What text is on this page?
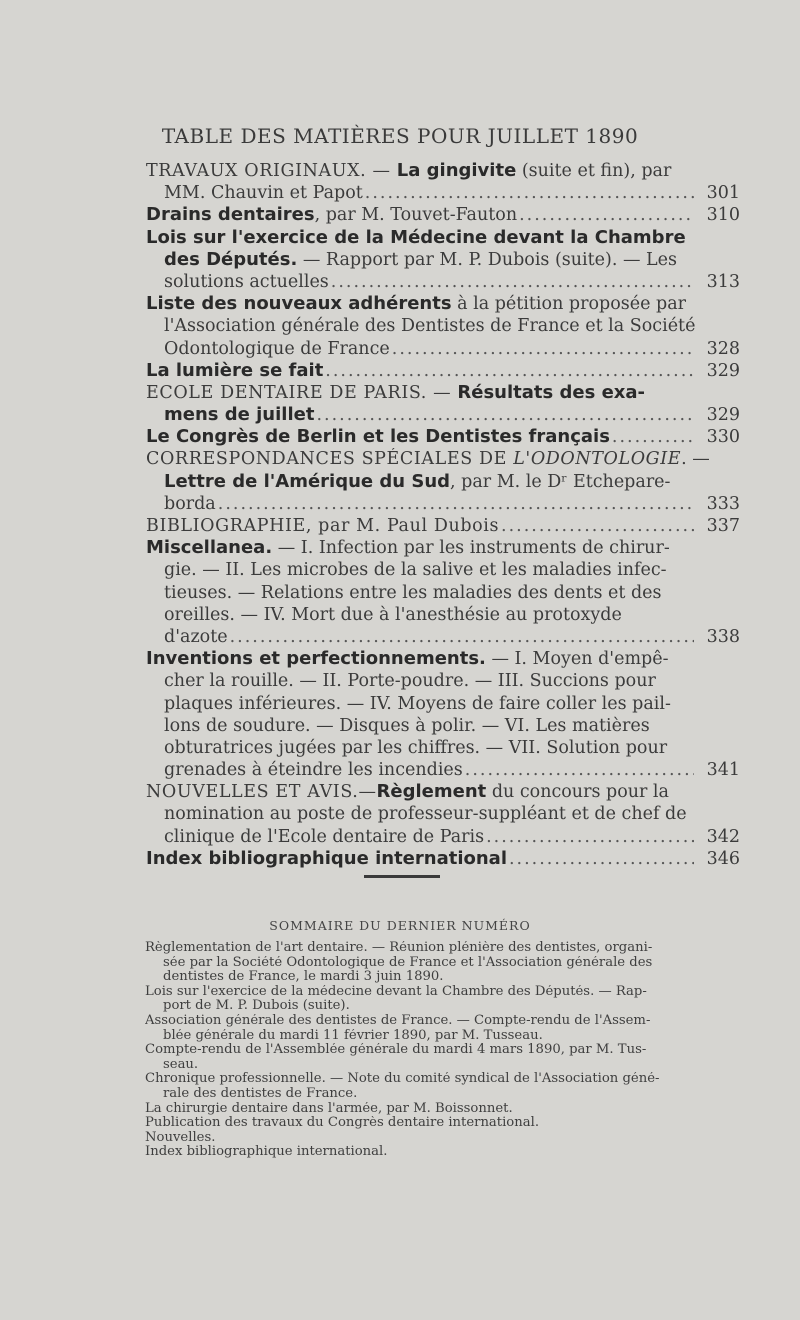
TABLE DES MATIÈRES POUR JUILLET 1890
TRAVAUX ORIGINAUX. — La gingivite (suite et fin), par
MM. Chauvin et Papot .....	301
Drains dentaires, par M. Touvet-Fauton .....	310
Lois sur l'exercice de la Médecine devant la Chambre
des Députés. — Rapport par M. P. Dubois (suite). — Les
solutions actuelles .....	313
Liste des nouveaux adhérents à la pétition proposée par
l'Association générale des Dentistes de France et la Société
Odontologique de France .....	328
La lumière se fait .....	329
ECOLE DENTAIRE DE PARIS. — Résultats des exa-
mens de juillet .....	329
Le Congrès de Berlin et les Dentistes français .....	330
CORRESPONDANCES SPÉCIALES DE L'ODONTOLOGIE. —
Lettre de l'Amérique du Sud, par M. le Dʳ Etchepare-
borda .....	333
BIBLIOGRAPHIE, par M. Paul Dubois .....	337
Miscellanea. — I. Infection par les instruments de chirur-
gie. — II. Les microbes de la salive et les maladies infec-
tieuses. — Relations entre les maladies des dents et des
oreilles. — IV. Mort due à l'anesthésie au protoxyde
d'azote .....	338
Inventions et perfectionnements. — I. Moyen d'empê-
cher la rouille. — II. Porte-poudre. — III. Succions pour
plaques inférieures. — IV. Moyens de faire coller les pail-
lons de soudure. — Disques à polir. — VI. Les matières
obturatrices jugées par les chiffres. — VII. Solution pour
grenades à éteindre les incendies .....	341
NOUVELLES ET AVIS.—Règlement du concours pour la
nomination au poste de professeur-suppléant et de chef de
clinique de l'Ecole dentaire de Paris .....	342
Index bibliographique international .....	346
SOMMAIRE DU DERNIER NUMÉRO
Règlementation de l'art dentaire. — Réunion plénière des dentistes, organi-
sée par la Société Odontologique de France et l'Association générale des
dentistes de France, le mardi 3 juin 1890.
Lois sur l'exercice de la médecine devant la Chambre des Députés. — Rap-
port de M. P. Dubois (suite).
Association générale des dentistes de France. — Compte-rendu de l'Assem-
blée générale du mardi 11 février 1890, par M. Tusseau.
Compte-rendu de l'Assemblée générale du mardi 4 mars 1890, par M. Tus-
seau.
Chronique professionnelle. — Note du comité syndical de l'Association géné-
rale des dentistes de France.
La chirurgie dentaire dans l'armée, par M. Boissonnet.
Publication des travaux du Congrès dentaire international.
Nouvelles.
Index bibliographique international.
